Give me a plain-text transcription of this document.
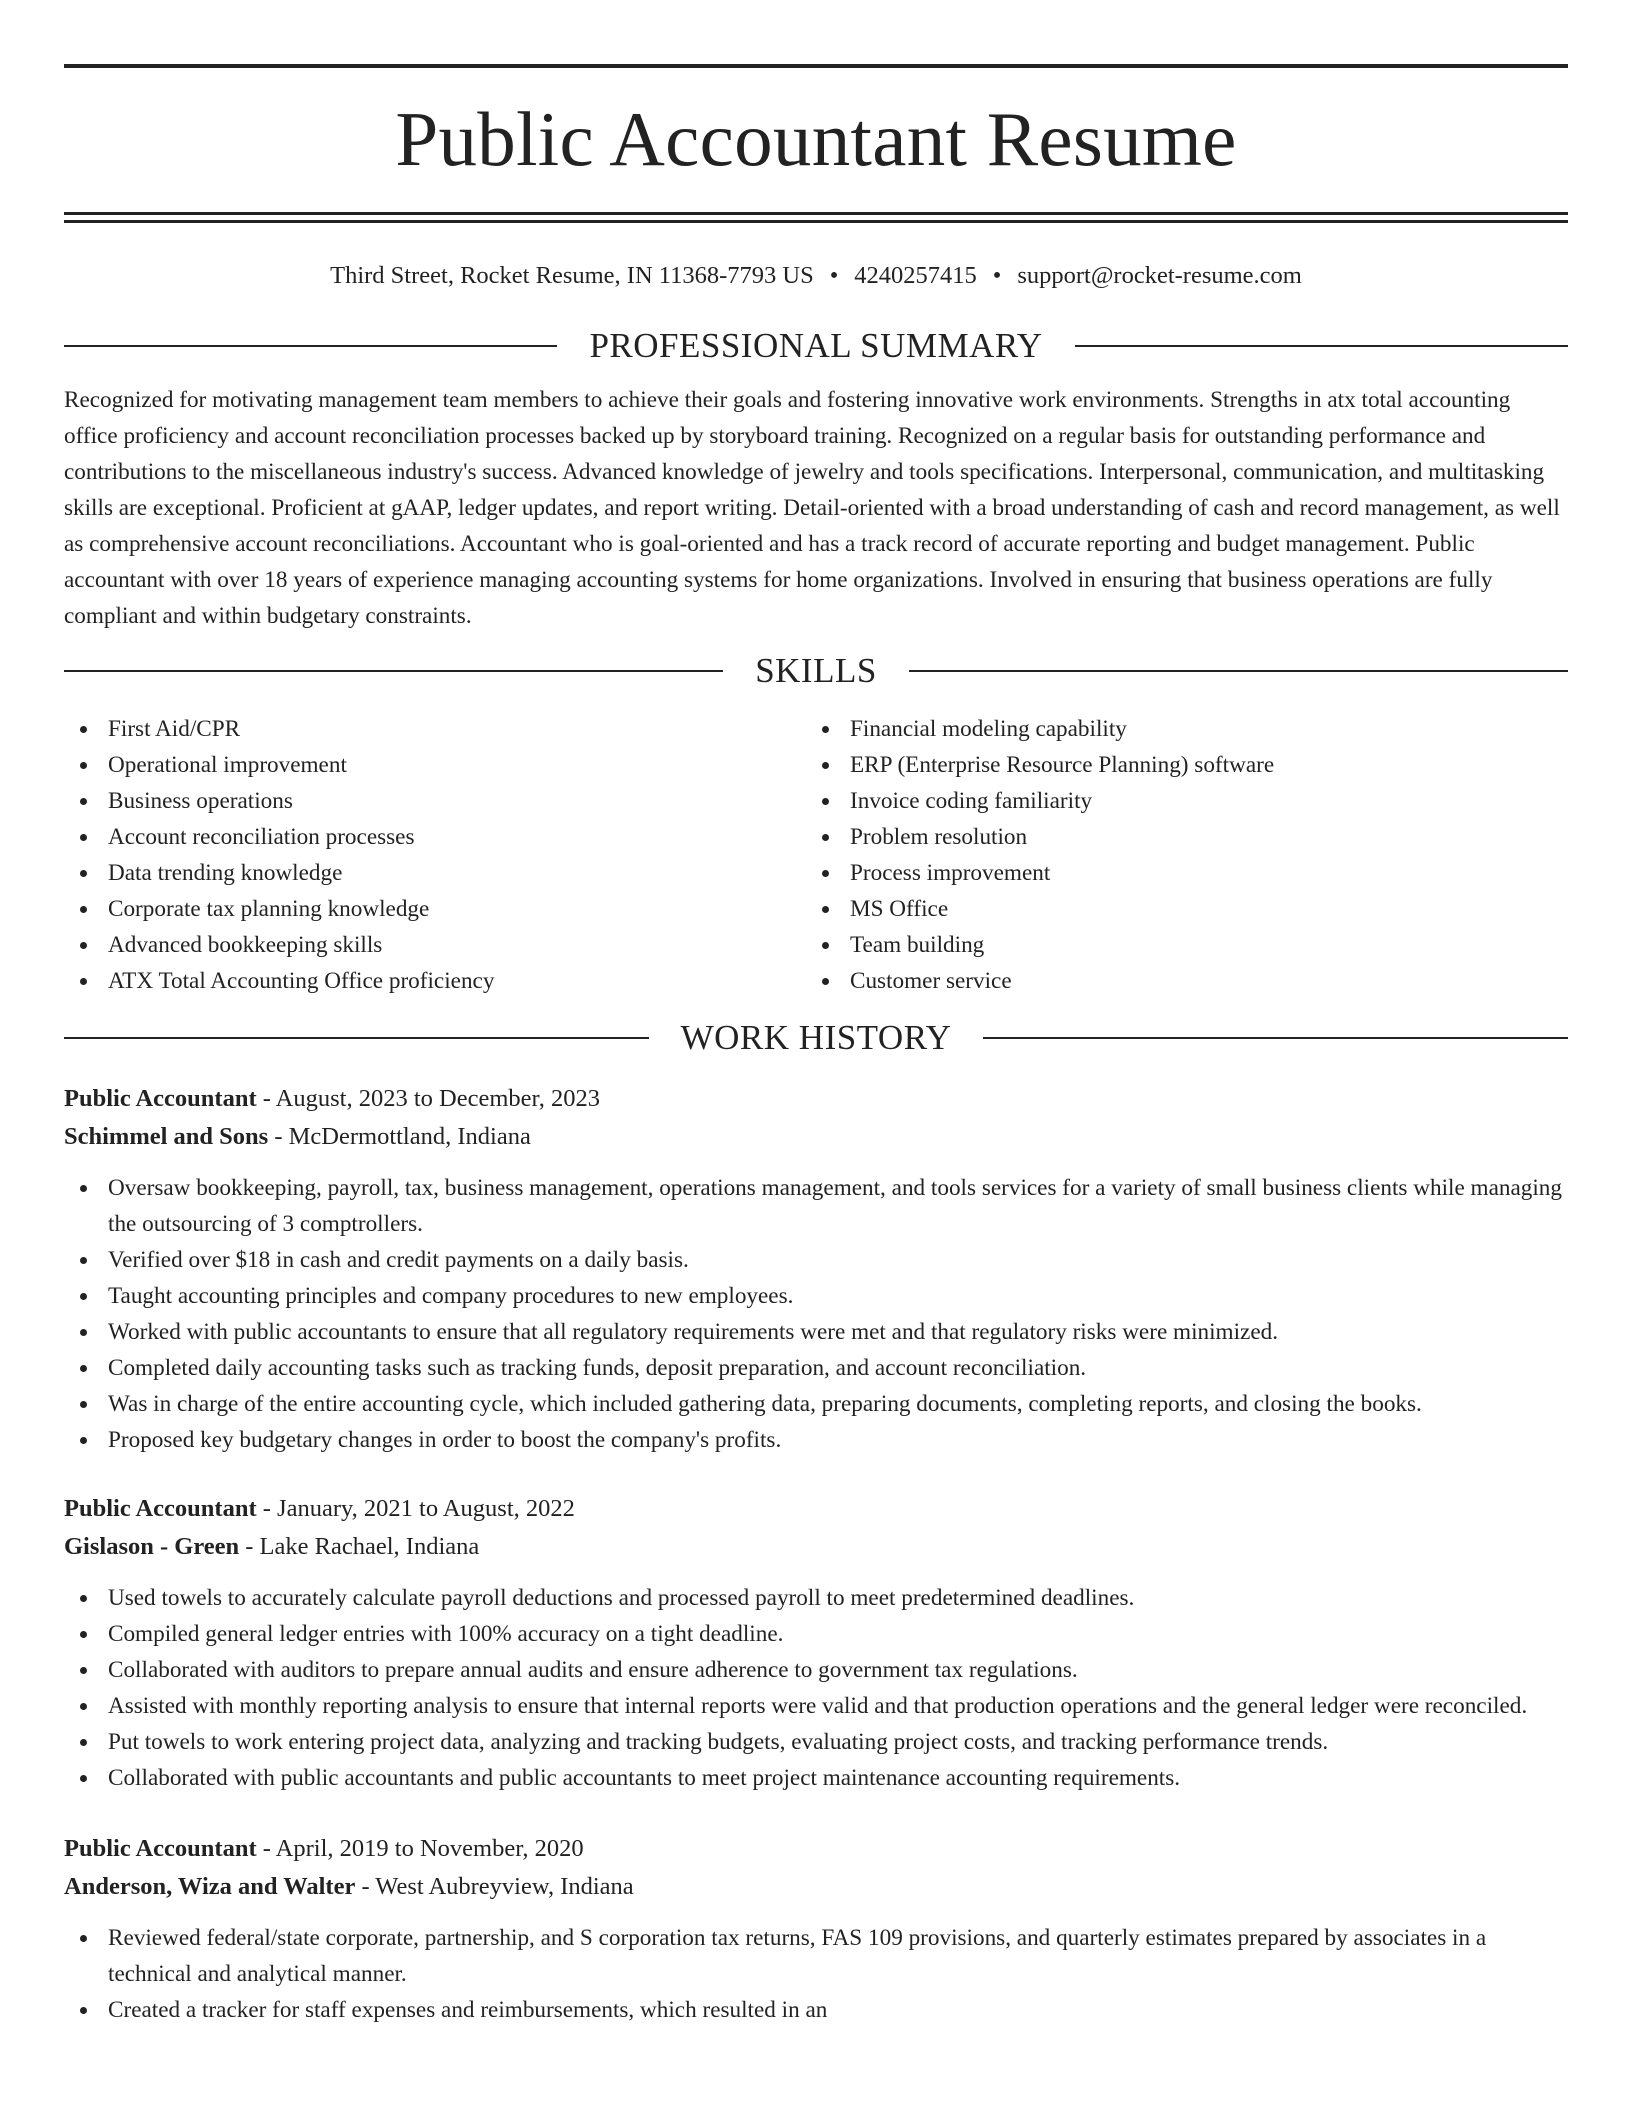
Public Accountant Resume
Third Street, Rocket Resume, IN 11368-7793 US • 4240257415 • support@rocket-resume.com
PROFESSIONAL SUMMARY
Recognized for motivating management team members to achieve their goals and fostering innovative work environments. Strengths in atx total accounting office proficiency and account reconciliation processes backed up by storyboard training. Recognized on a regular basis for outstanding performance and contributions to the miscellaneous industry's success. Advanced knowledge of jewelry and tools specifications. Interpersonal, communication, and multitasking skills are exceptional. Proficient at gAAP, ledger updates, and report writing. Detail-oriented with a broad understanding of cash and record management, as well as comprehensive account reconciliations. Accountant who is goal-oriented and has a track record of accurate reporting and budget management. Public accountant with over 18 years of experience managing accounting systems for home organizations. Involved in ensuring that business operations are fully compliant and within budgetary constraints.
SKILLS
First Aid/CPR
Operational improvement
Business operations
Account reconciliation processes
Data trending knowledge
Corporate tax planning knowledge
Advanced bookkeeping skills
ATX Total Accounting Office proficiency
Financial modeling capability
ERP (Enterprise Resource Planning) software
Invoice coding familiarity
Problem resolution
Process improvement
MS Office
Team building
Customer service
WORK HISTORY
Public Accountant - August, 2023 to December, 2023
Schimmel and Sons - McDermottland, Indiana
Oversaw bookkeeping, payroll, tax, business management, operations management, and tools services for a variety of small business clients while managing the outsourcing of 3 comptrollers.
Verified over $18 in cash and credit payments on a daily basis.
Taught accounting principles and company procedures to new employees.
Worked with public accountants to ensure that all regulatory requirements were met and that regulatory risks were minimized.
Completed daily accounting tasks such as tracking funds, deposit preparation, and account reconciliation.
Was in charge of the entire accounting cycle, which included gathering data, preparing documents, completing reports, and closing the books.
Proposed key budgetary changes in order to boost the company's profits.
Public Accountant - January, 2021 to August, 2022
Gislason - Green - Lake Rachael, Indiana
Used towels to accurately calculate payroll deductions and processed payroll to meet predetermined deadlines.
Compiled general ledger entries with 100% accuracy on a tight deadline.
Collaborated with auditors to prepare annual audits and ensure adherence to government tax regulations.
Assisted with monthly reporting analysis to ensure that internal reports were valid and that production operations and the general ledger were reconciled.
Put towels to work entering project data, analyzing and tracking budgets, evaluating project costs, and tracking performance trends.
Collaborated with public accountants and public accountants to meet project maintenance accounting requirements.
Public Accountant - April, 2019 to November, 2020
Anderson, Wiza and Walter - West Aubreyview, Indiana
Reviewed federal/state corporate, partnership, and S corporation tax returns, FAS 109 provisions, and quarterly estimates prepared by associates in a technical and analytical manner.
Created a tracker for staff expenses and reimbursements, which resulted in an
